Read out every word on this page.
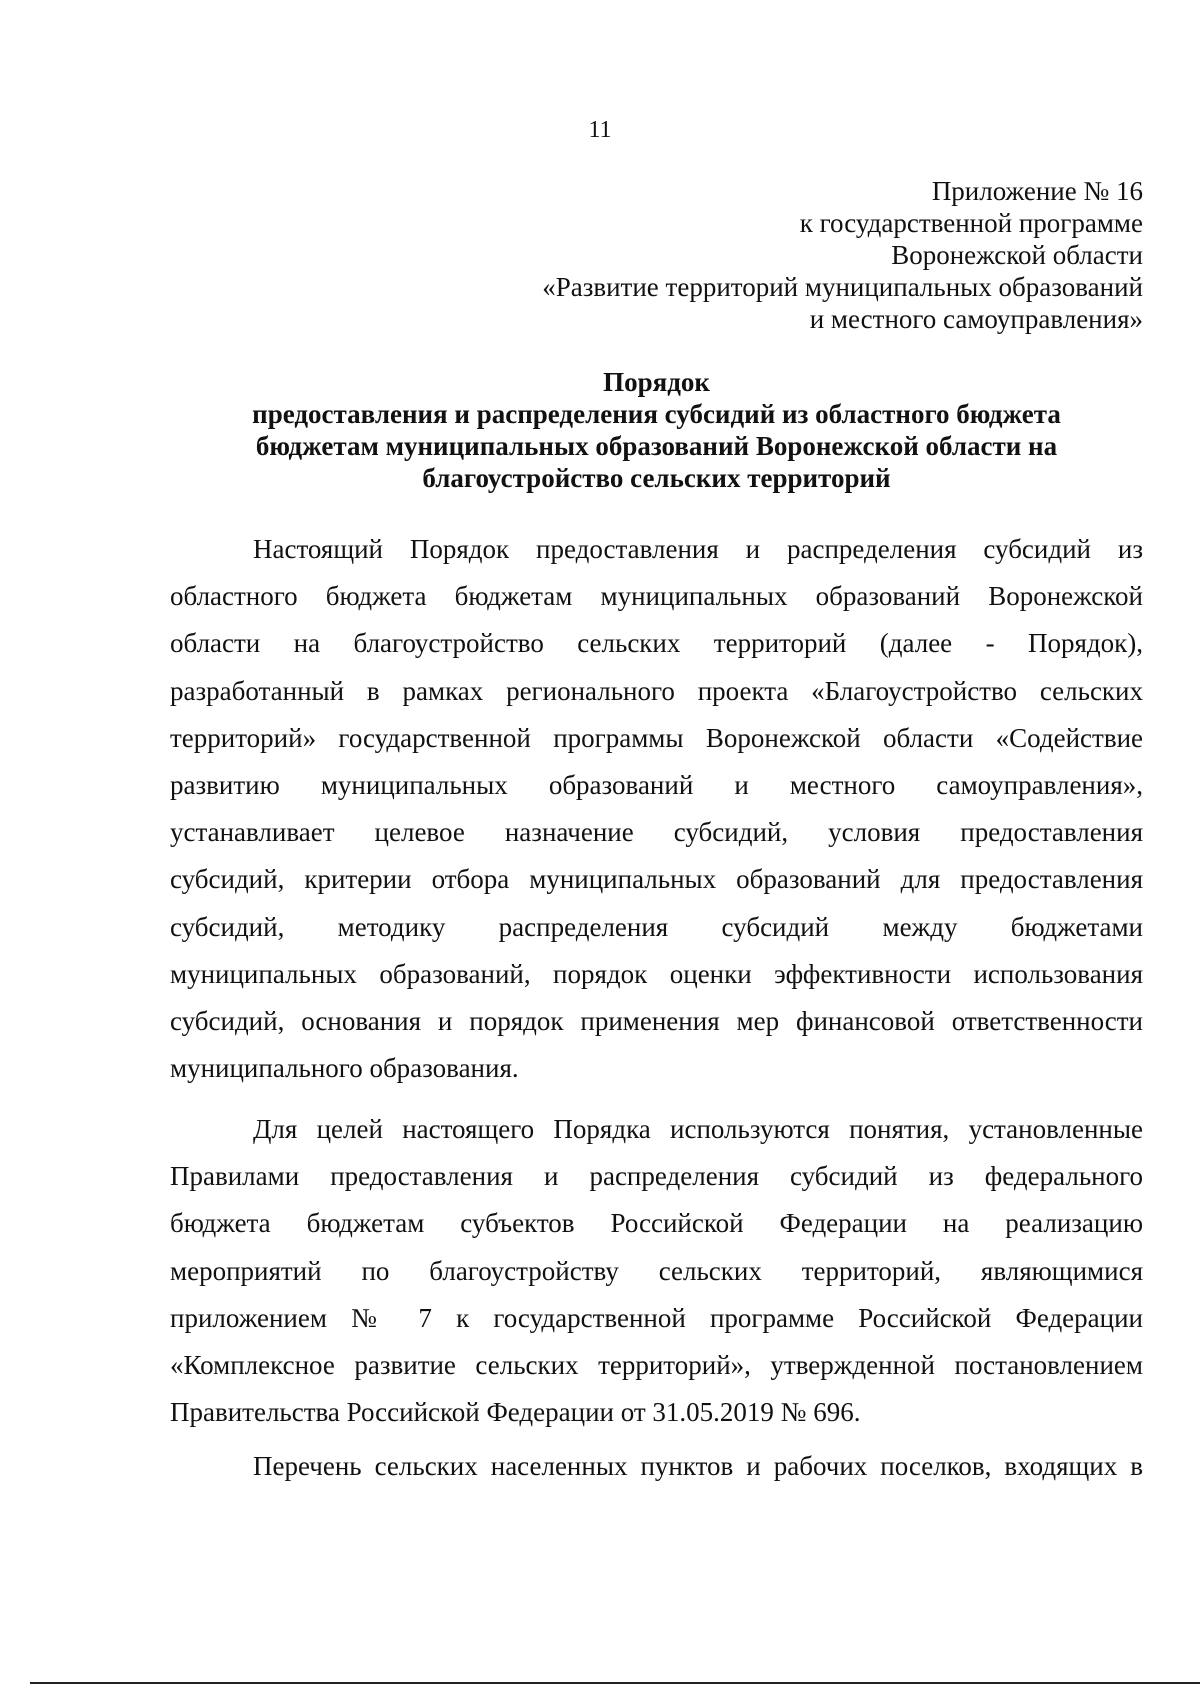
11
Приложение № 16
к государственной программе
Воронежской области
«Развитие территорий муниципальных образований
и местного самоуправления»
Порядок
предоставления и распределения субсидий из областного бюджета
бюджетам муниципальных образований Воронежской области на
благоустройство сельских территорий
Настоящий Порядок предоставления и распределения субсидий из
областного бюджета бюджетам муниципальных образований Воронежской
области на благоустройство сельских территорий (далее - Порядок),
разработанный в рамках регионального проекта «Благоустройство сельских
территорий» государственной программы Воронежской области «Содействие
развитию муниципальных образований и местного самоуправления»,
устанавливает целевое назначение субсидий, условия предоставления
субсидий, критерии отбора муниципальных образований для предоставления
субсидий, методику распределения субсидий между бюджетами
муниципальных образований, порядок оценки эффективности использования
субсидий, основания и порядок применения мер финансовой ответственности
муниципального образования.
Для целей настоящего Порядка используются понятия, установленные
Правилами предоставления и распределения субсидий из федерального
бюджета бюджетам субъектов Российской Федерации на реализацию
мероприятий по благоустройству сельских территорий, являющимися
приложением № 7 к государственной программе Российской Федерации
«Комплексное развитие сельских территорий», утвержденной постановлением
Правительства Российской Федерации от 31.05.2019 № 696.
Перечень сельских населенных пунктов и рабочих поселков, входящих в
